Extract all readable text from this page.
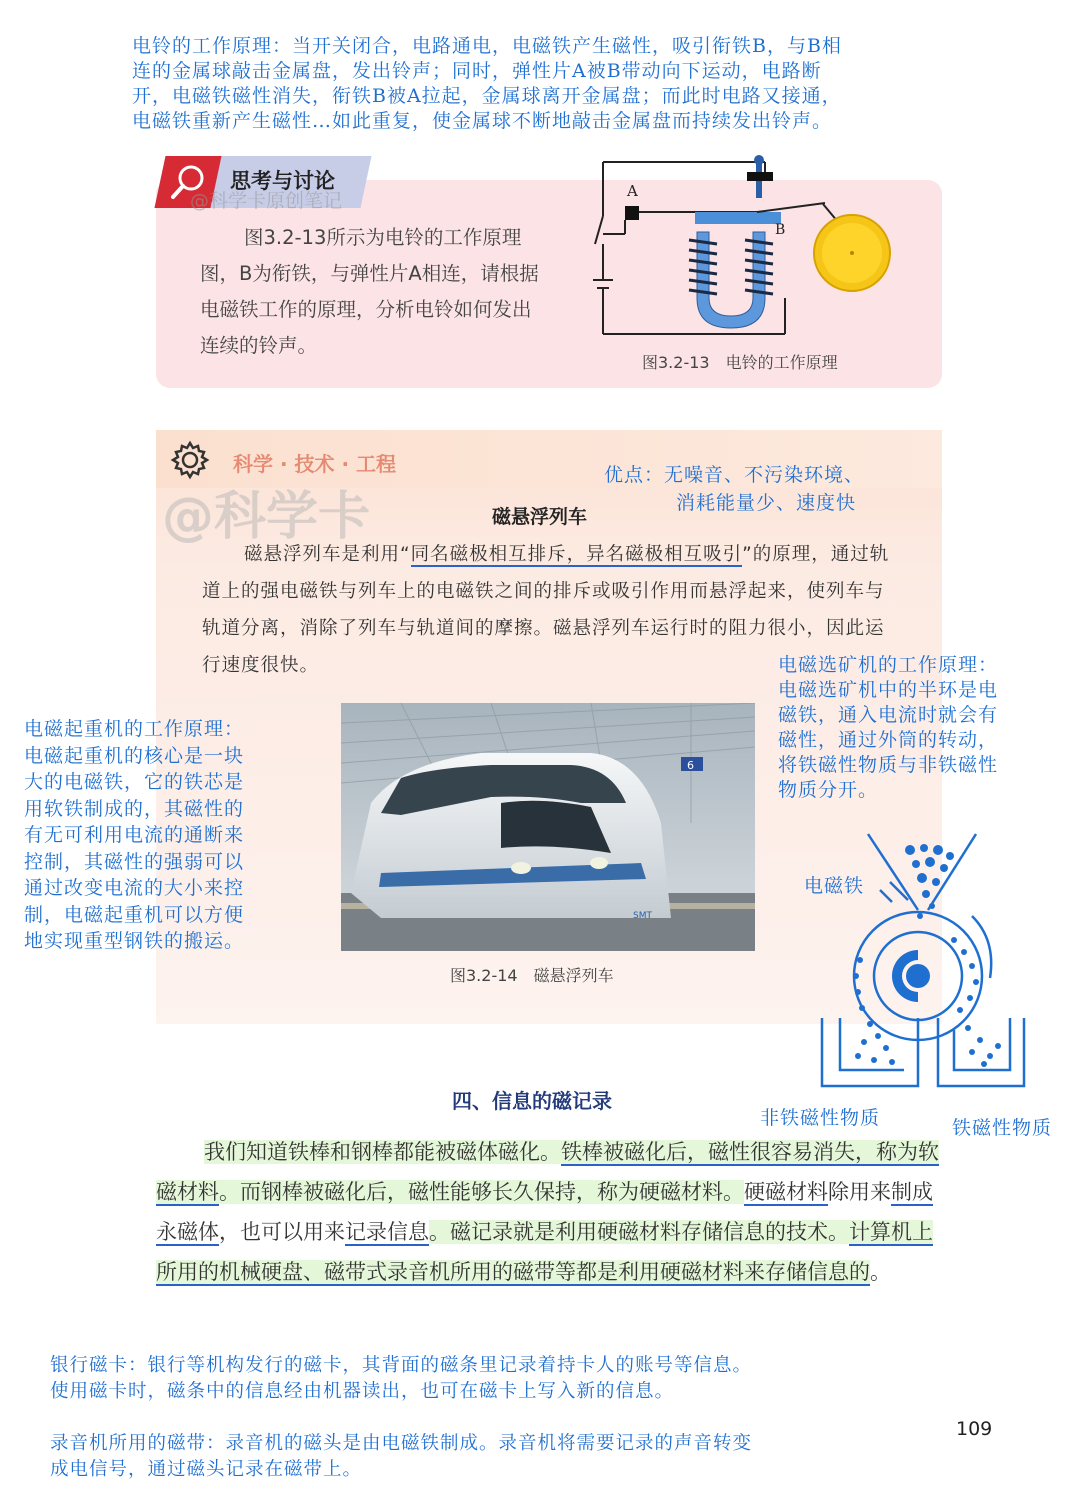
电铃的工作原理：当开关闭合，电路通电，电磁铁产生磁性，吸引衔铁B，与B相
连的金属球敲击金属盘，发出铃声；同时，弹性片A被B带动向下运动，电路断
开，电磁铁磁性消失，衔铁B被A拉起，金属球离开金属盘；而此时电路又接通，
电磁铁重新产生磁性…如此重复，使金属球不断地敲击金属盘而持续发出铃声。
思考与讨论
@科学卡原创笔记
图3.2-13所示为电铃的工作原理图，B为衔铁，与弹性片A相连，请根据电磁铁工作的原理，分析电铃如何发出连续的铃声。
A
B
图3.2-13　电铃的工作原理
科学 · 技术 · 工程
@科学卡
优点：无噪音、不污染环境、
消耗能量少、速度快
磁悬浮列车
磁悬浮列车是利用“同名磁极相互排斥，异名磁极相互吸引”的原理，通过轨道上的强电磁铁与列车上的电磁铁之间的排斥或吸引作用而悬浮起来，使列车与轨道分离，消除了列车与轨道间的摩擦。磁悬浮列车运行时的阻力很小，因此运行速度很快。
SMT
6
图3.2-14　磁悬浮列车
电磁选矿机的工作原理：
电磁选矿机中的半环是电
磁铁，通入电流时就会有
磁性，通过外筒的转动，
将铁磁性物质与非铁磁性
物质分开。
电磁起重机的工作原理：
电磁起重机的核心是一块
大的电磁铁，它的铁芯是
用软铁制成的，其磁性的
有无可利用电流的通断来
控制，其磁性的强弱可以
通过改变电流的大小来控
制，电磁起重机可以方便
地实现重型钢铁的搬运。
电磁铁
非铁磁性物质	铁磁性物质
四、信息的磁记录
我们知道铁棒和钢棒都能被磁体磁化。铁棒被磁化后，磁性很容易消失，称为软磁材料。而钢棒被磁化后，磁性能够长久保持，称为硬磁材料。硬磁材料除用来制成永磁体，也可以用来记录信息。磁记录就是利用硬磁材料存储信息的技术。计算机上所用的机械硬盘、磁带式录音机所用的磁带等都是利用硬磁材料来存储信息的。
银行磁卡：银行等机构发行的磁卡，其背面的磁条里记录着持卡人的账号等信息。
使用磁卡时，磁条中的信息经由机器读出，也可在磁卡上写入新的信息。
录音机所用的磁带：录音机的磁头是由电磁铁制成。录音机将需要记录的声音转变
成电信号，通过磁头记录在磁带上。
109
